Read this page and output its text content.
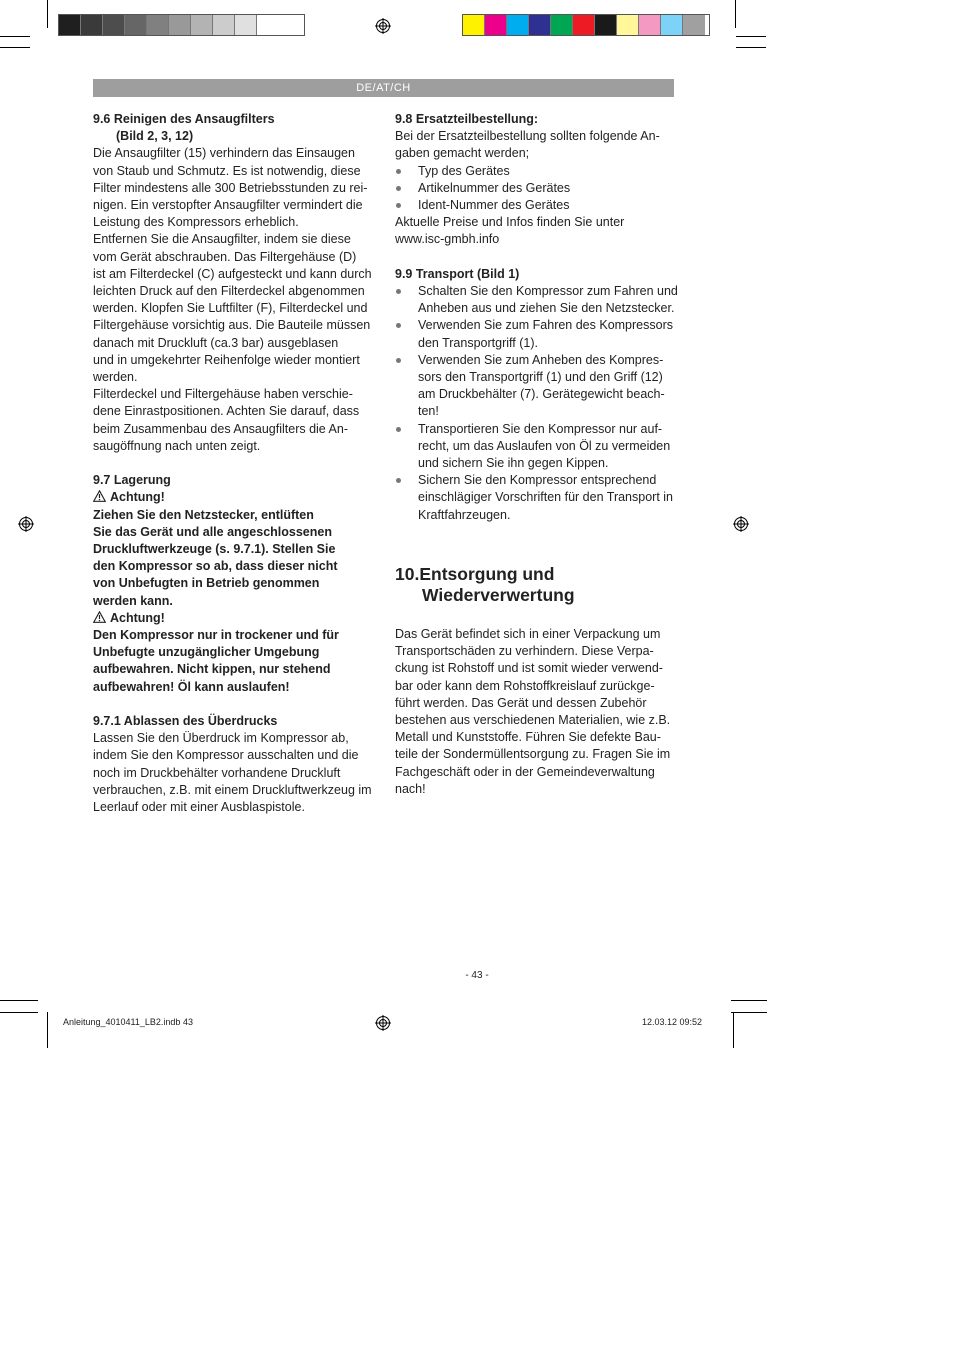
DE/AT/CH

9.6 Reinigen des Ansaugfilters

(Bild 2, 3, 12)

Die Ansaugfilter (15) verhindern das Einsaugen
von Staub und Schmutz. Es ist notwendig, diese
Filter mindestens alle 300 Betriebsstunden zu rei-
nigen. Ein verstopfter Ansaugfilter vermindert die
Leistung des Kompressors erheblich.
Entfernen Sie die Ansaugfilter, indem sie diese
vom Gerät abschrauben. Das Filtergehäuse (D)
ist am Filterdeckel (C) aufgesteckt und kann durch
leichten Druck auf den Filterdeckel abgenommen
werden. Klopfen Sie Luftfilter (F), Filterdeckel und
Filtergehäuse vorsichtig aus. Die Bauteile müssen
danach mit Druckluft (ca.3 bar) ausgeblasen
und in umgekehrter Reihenfolge wieder montiert
werden.
Filterdeckel und Filtergehäuse haben verschie-
dene Einrastpositionen. Achten Sie darauf, dass
beim Zusammenbau des Ansaugfilters die An-
saugöffnung nach unten zeigt.

9.7 Lagerung

Achtung!

Ziehen Sie den Netzstecker, entlüften
Sie das Gerät und alle angeschlossenen
Druckluftwerkzeuge (s. 9.7.1). Stellen Sie
den Kompressor so ab, dass dieser nicht
von Unbefugten in Betrieb genommen
werden kann.

Achtung!

Den Kompressor nur in trockener und für
Unbefugte unzugänglicher Umgebung
aufbewahren. Nicht kippen, nur stehend
aufbewahren! Öl kann auslaufen!

9.7.1 Ablassen des Überdrucks

Lassen Sie den Überdruck im Kompressor ab,
indem Sie den Kompressor ausschalten und die
noch im Druckbehälter vorhandene Druckluft
verbrauchen, z.B. mit einem Druckluftwerkzeug im
Leerlauf oder mit einer Ausblaspistole.

9.8 Ersatzteilbestellung:

Bei der Ersatzteilbestellung sollten folgende An-
gaben gemacht werden;
Typ des Gerätes
Artikelnummer des Gerätes
Ident-Nummer des Gerätes
Aktuelle Preise und Infos finden Sie unter
www.isc-gmbh.info

9.9 Transport (Bild 1)

Schalten Sie den Kompressor zum Fahren und
Anheben aus und ziehen Sie den Netzstecker.
Verwenden Sie zum Fahren des Kompressors
den Transportgriff (1).
Verwenden Sie zum Anheben des Kompres-
sors den Transportgriff (1) und den Griff (12)
am Druckbehälter (7). Gerätegewicht beach-
ten!
Transportieren Sie den Kompressor nur auf-
recht, um das Auslaufen von Öl zu vermeiden
und sichern Sie ihn gegen Kippen.
Sichern Sie den Kompressor entsprechend
einschlägiger Vorschriften für den Transport in
Kraftfahrzeugen.
10.Entsorgung und
Wiederverwertung
Das Gerät befindet sich in einer Verpackung um
Transportschäden zu verhindern. Diese Verpa-
ckung ist Rohstoff und ist somit wieder verwend-
bar oder kann dem Rohstoffkreislauf zurückge-
führt werden. Das Gerät und dessen Zubehör
bestehen aus verschiedenen Materialien, wie z.B.
Metall und Kunststoffe. Führen Sie defekte Bau-
teile der Sondermüllentsorgung zu. Fragen Sie im
Fachgeschäft oder in der Gemeindeverwaltung
nach!
- 43 -
Anleitung_4010411_LB2.indb 43	12.03.12 09:52
